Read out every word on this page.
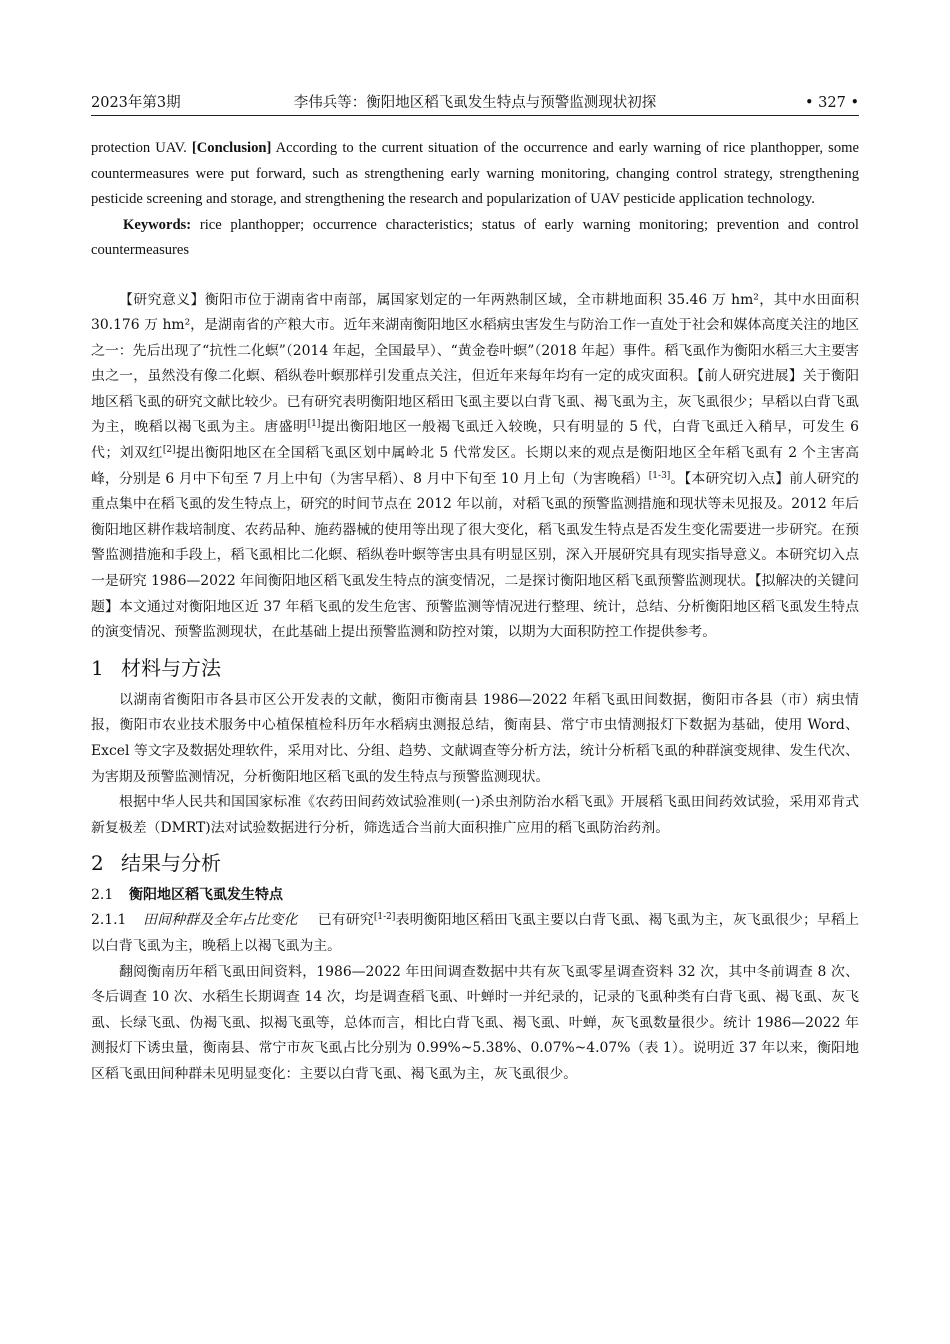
2023年第3期	李伟兵等：衡阳地区稻飞虱发生特点与预警监测现状初探	• 327 •

protection UAV. [Conclusion] According to the current situation of the occurrence and early warning of rice planthopper, some countermeasures were put forward, such as strengthening early warning monitoring, changing control strategy, strengthening pesticide screening and storage, and strengthening the research and popularization of UAV pesticide application technology.

Keywords: rice planthopper; occurrence characteristics; status of early warning monitoring; prevention and control countermeasures

【研究意义】衡阳市位于湖南省中南部，属国家划定的一年两熟制区域，全市耕地面积 35.46 万 hm²，其中水田面积 30.176 万 hm²，是湖南省的产粮大市。近年来湖南衡阳地区水稻病虫害发生与防治工作一直处于社会和媒体高度关注的地区之一：先后出现了“抗性二化螟”（2014 年起，全国最早）、“黄金卷叶螟”（2018 年起）事件。稻飞虱作为衡阳水稻三大主要害虫之一，虽然没有像二化螟、稻纵卷叶螟那样引发重点关注，但近年来每年均有一定的成灾面积。【前人研究进展】关于衡阳地区稻飞虱的研究文献比较少。已有研究表明衡阳地区稻田飞虱主要以白背飞虱、褐飞虱为主，灰飞虱很少；早稻以白背飞虱为主，晚稻以褐飞虱为主。唐盛明[1]提出衡阳地区一般褐飞虱迁入较晚，只有明显的 5 代，白背飞虱迁入稍早，可发生 6 代；刘双红[2]提出衡阳地区在全国稻飞虱区划中属岭北 5 代常发区。长期以来的观点是衡阳地区全年稻飞虱有 2 个主害高峰，分别是 6 月中下旬至 7 月上中旬（为害早稻）、8 月中下旬至 10 月上旬（为害晚稻）[1-3]。【本研究切入点】前人研究的重点集中在稻飞虱的发生特点上，研究的时间节点在 2012 年以前，对稻飞虱的预警监测措施和现状等未见报及。2012 年后衡阳地区耕作栽培制度、农药品种、施药器械的使用等出现了很大变化，稻飞虱发生特点是否发生变化需要进一步研究。在预警监测措施和手段上，稻飞虱相比二化螟、稻纵卷叶螟等害虫具有明显区别，深入开展研究具有现实指导意义。本研究切入点一是研究 1986—2022 年间衡阳地区稻飞虱发生特点的演变情况，二是探讨衡阳地区稻飞虱预警监测现状。【拟解决的关键问题】本文通过对衡阳地区近 37 年稻飞虱的发生危害、预警监测等情况进行整理、统计，总结、分析衡阳地区稻飞虱发生特点的演变情况、预警监测现状，在此基础上提出预警监测和防控对策，以期为大面积防控工作提供参考。

1 材料与方法

以湖南省衡阳市各县市区公开发表的文献，衡阳市衡南县 1986—2022 年稻飞虱田间数据，衡阳市各县（市）病虫情报，衡阳市农业技术服务中心植保植检科历年水稻病虫测报总结，衡南县、常宁市虫情测报灯下数据为基础，使用 Word、Excel 等文字及数据处理软件，采用对比、分组、趋势、文献调查等分析方法，统计分析稻飞虱的种群演变规律、发生代次、为害期及预警监测情况，分析衡阳地区稻飞虱的发生特点与预警监测现状。

根据中华人民共和国国家标准《农药田间药效试验准则(一)杀虫剂防治水稻飞虱》开展稻飞虱田间药效试验，采用邓肯式新复极差（DMRT)法对试验数据进行分析，筛选适合当前大面积推广应用的稻飞虱防治药剂。

2 结果与分析
2.1 衡阳地区稻飞虱发生特点

2.1.1 田间种群及全年占比变化 已有研究[1-2]表明衡阳地区稻田飞虱主要以白背飞虱、褐飞虱为主，灰飞虱很少；早稻上以白背飞虱为主，晚稻上以褐飞虱为主。

翻阅衡南历年稻飞虱田间资料，1986—2022 年田间调查数据中共有灰飞虱零星调查资料 32 次，其中冬前调查 8 次、冬后调查 10 次、水稻生长期调查 14 次，均是调查稻飞虱、叶蝉时一并纪录的，记录的飞虱种类有白背飞虱、褐飞虱、灰飞虱、长绿飞虱、伪褐飞虱、拟褐飞虱等，总体而言，相比白背飞虱、褐飞虱、叶蝉，灰飞虱数量很少。统计 1986—2022 年测报灯下诱虫量，衡南县、常宁市灰飞虱占比分别为 0.99%~5.38%、0.07%~4.07%（表 1）。说明近 37 年以来，衡阳地区稻飞虱田间种群未见明显变化：主要以白背飞虱、褐飞虱为主，灰飞虱很少。
